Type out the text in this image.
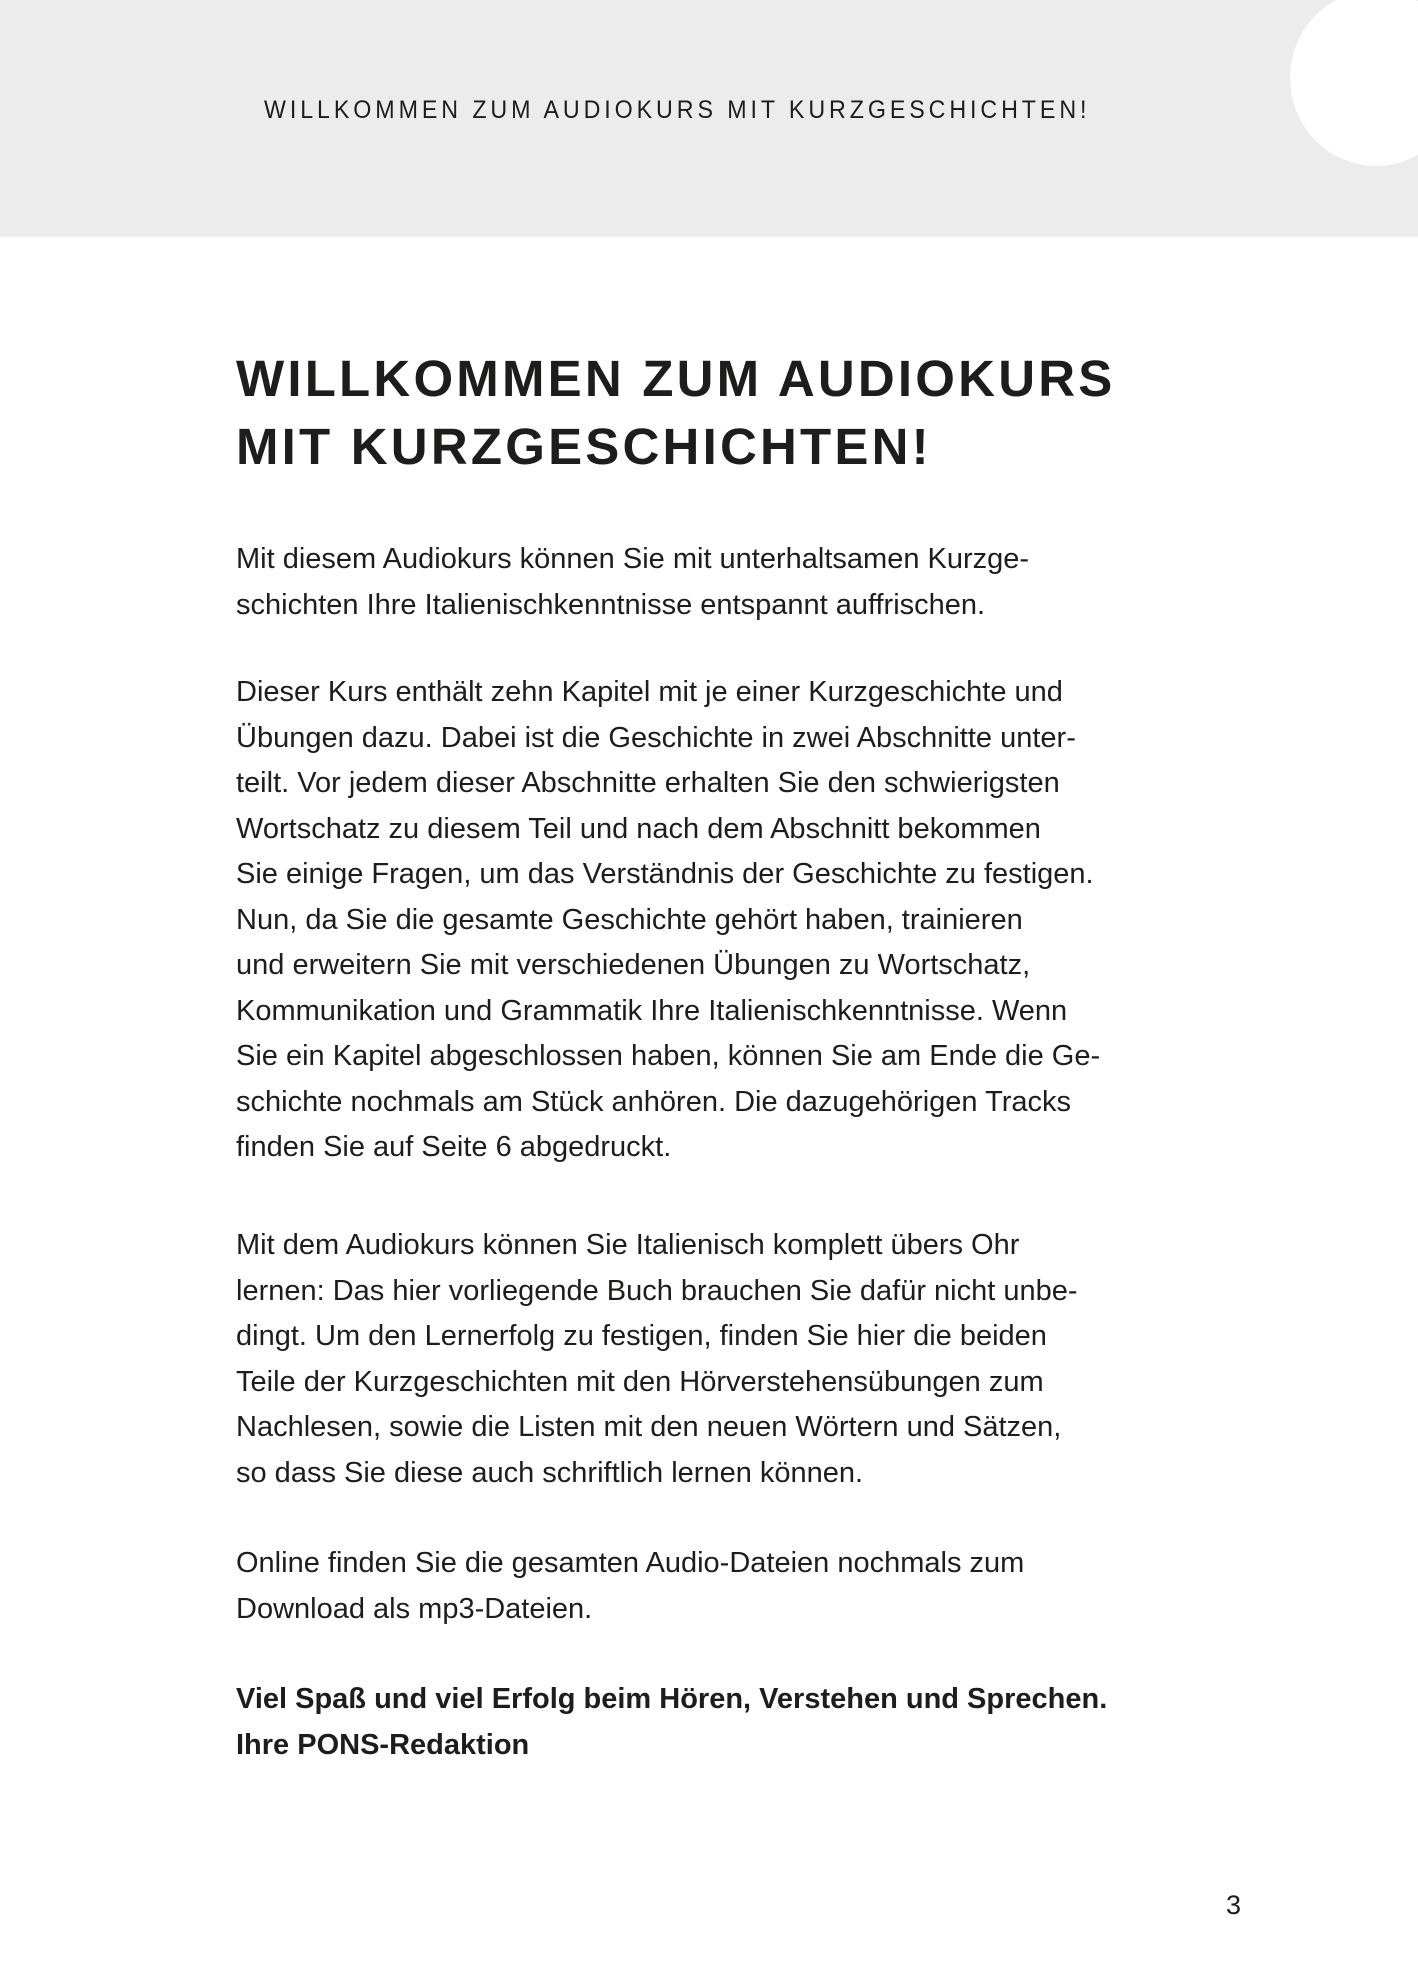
WILLKOMMEN ZUM AUDIOKURS MIT KURZGESCHICHTEN!
WILLKOMMEN ZUM AUDIOKURS
MIT KURZGESCHICHTEN!
Mit diesem Audiokurs können Sie mit unterhaltsamen Kurzge-
schichten Ihre Italienischkenntnisse entspannt auffrischen.
Dieser Kurs enthält zehn Kapitel mit je einer Kurzgeschichte und
Übungen dazu. Dabei ist die Geschichte in zwei Abschnitte unter-
teilt. Vor jedem dieser Abschnitte erhalten Sie den schwierigsten
Wortschatz zu diesem Teil und nach dem Abschnitt bekommen
Sie einige Fragen, um das Verständnis der Geschichte zu festigen.
Nun, da Sie die gesamte Geschichte gehört haben, trainieren
und erweitern Sie mit verschiedenen Übungen zu Wortschatz,
Kommunikation und Grammatik Ihre Italienischkenntnisse. Wenn
Sie ein Kapitel abgeschlossen haben, können Sie am Ende die Ge-
schichte nochmals am Stück anhören. Die dazugehörigen Tracks
finden Sie auf Seite 6 abgedruckt.
Mit dem Audiokurs können Sie Italienisch komplett übers Ohr
lernen: Das hier vorliegende Buch brauchen Sie dafür nicht unbe-
dingt. Um den Lernerfolg zu festigen, finden Sie hier die beiden
Teile der Kurzgeschichten mit den Hörverstehensübungen zum
Nachlesen, sowie die Listen mit den neuen Wörtern und Sätzen,
so dass Sie diese auch schriftlich lernen können.
Online finden Sie die gesamten Audio-Dateien nochmals zum
Download als mp3-Dateien.
Viel Spaß und viel Erfolg beim Hören, Verstehen und Sprechen.
Ihre PONS-Redaktion
3
